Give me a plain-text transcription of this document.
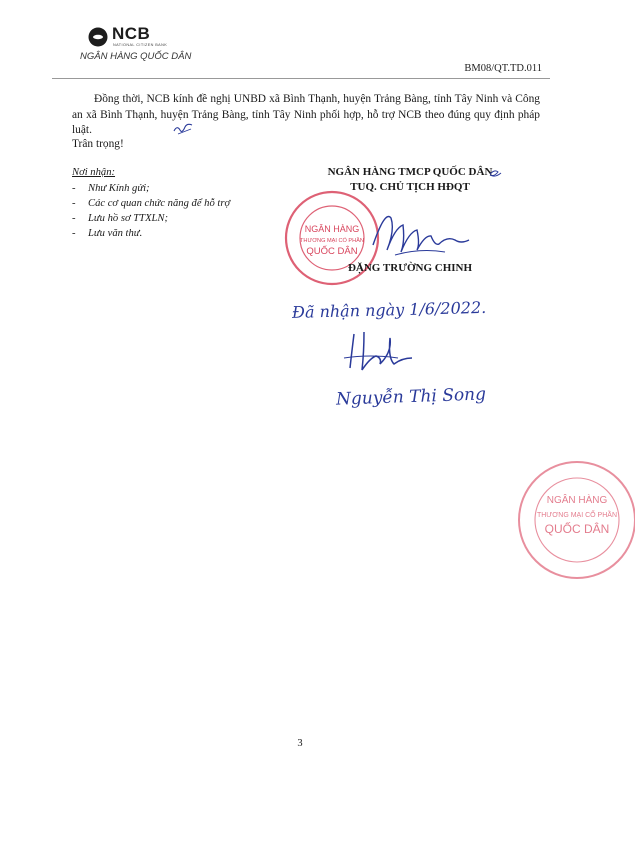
NCB
NATIONAL CITIZEN BANK
NGÂN HÀNG QUỐC DÂN
BM08/QT.TD.011

Đồng thời, NCB kính đề nghị UNBD xã Bình Thạnh, huyện Trảng Bàng, tỉnh Tây Ninh và Công an xã Bình Thạnh, huyện Trảng Bàng, tỉnh Tây Ninh phối hợp, hỗ trợ NCB theo đúng quy định pháp luật.

Trân trọng!

Nơi nhận:
- Như Kính gửi;
- Các cơ quan chức năng để hỗ trợ
- Lưu hồ sơ TTXLN;
- Lưu văn thư.	NGÂN HÀNG
THƯƠNG MẠI CỔ PHẦN
QUỐC DÂN
NGÂN HÀNG TMCP QUỐC DÂN
TUQ. CHỦ TỊCH HĐQT
ĐẶNG TRƯỜNG CHINH
Đã nhận ngày 1/6/2022.
Nguyễn Thị Song
NGÂN HÀNG
THƯƠNG MẠI CỔ PHẦN
QUỐC DÂN
3
